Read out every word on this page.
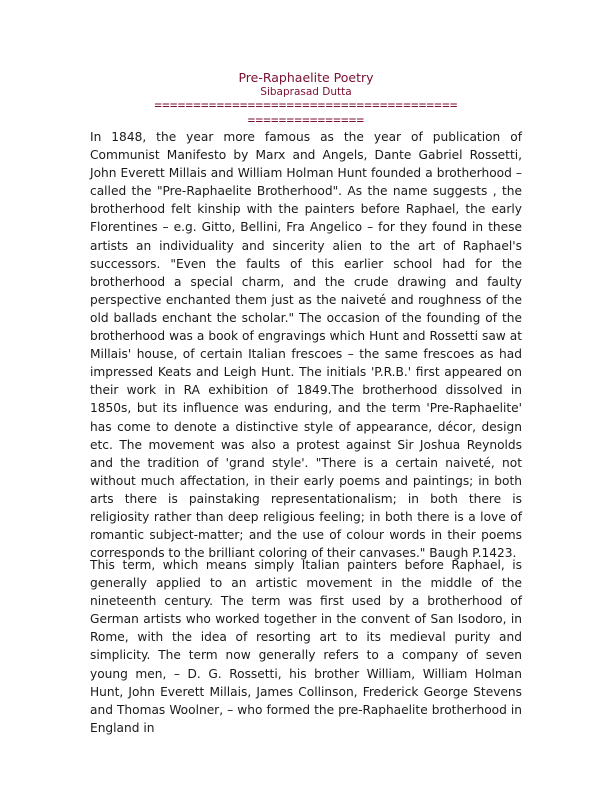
Pre-Raphaelite Poetry
Sibaprasad Dutta
=======================================
===============

In 1848, the year more famous as the year of publication of Communist Manifesto by Marx and Angels, Dante Gabriel Rossetti, John Everett Millais and William Holman Hunt founded a brotherhood – called the "Pre-Raphaelite Brotherhood". As the name suggests , the brotherhood felt kinship with the painters before Raphael, the early Florentines – e.g. Gitto, Bellini, Fra Angelico – for they found in these artists an individuality and sincerity alien to the art of Raphael's successors. "Even the faults of this earlier school had for the brotherhood a special charm, and the crude drawing and faulty perspective enchanted them just as the naiveté and roughness of the old ballads enchant the scholar." The occasion of the founding of the brotherhood was a book of engravings which Hunt and Rossetti saw at Millais' house, of certain Italian frescoes – the same frescoes as had impressed Keats and Leigh Hunt. The initials 'P.R.B.' first appeared on their work in RA exhibition of 1849.The brotherhood dissolved in 1850s, but its influence was enduring, and the term 'Pre-Raphaelite' has come to denote a distinctive style of appearance, décor, design etc. The movement was also a protest against Sir Joshua Reynolds and the tradition of 'grand style'. "There is a certain naiveté, not without much affectation, in their early poems and paintings; in both arts there is painstaking representationalism; in both there is religiosity rather than deep religious feeling; in both there is a love of romantic subject-matter; and the use of colour words in their poems corresponds to the brilliant coloring of their canvases." Baugh P.1423.

This term, which means simply Italian painters before Raphael, is generally applied to an artistic movement in the middle of the nineteenth century. The term was first used by a brotherhood of German artists who worked together in the convent of San Isodoro, in Rome, with the idea of resorting art to its medieval purity and simplicity. The term now generally refers to a company of seven young men, – D. G. Rossetti, his brother William, William Holman Hunt, John Everett Millais, James Collinson, Frederick George Stevens and Thomas Woolner, – who formed the pre-Raphaelite brotherhood in England in
